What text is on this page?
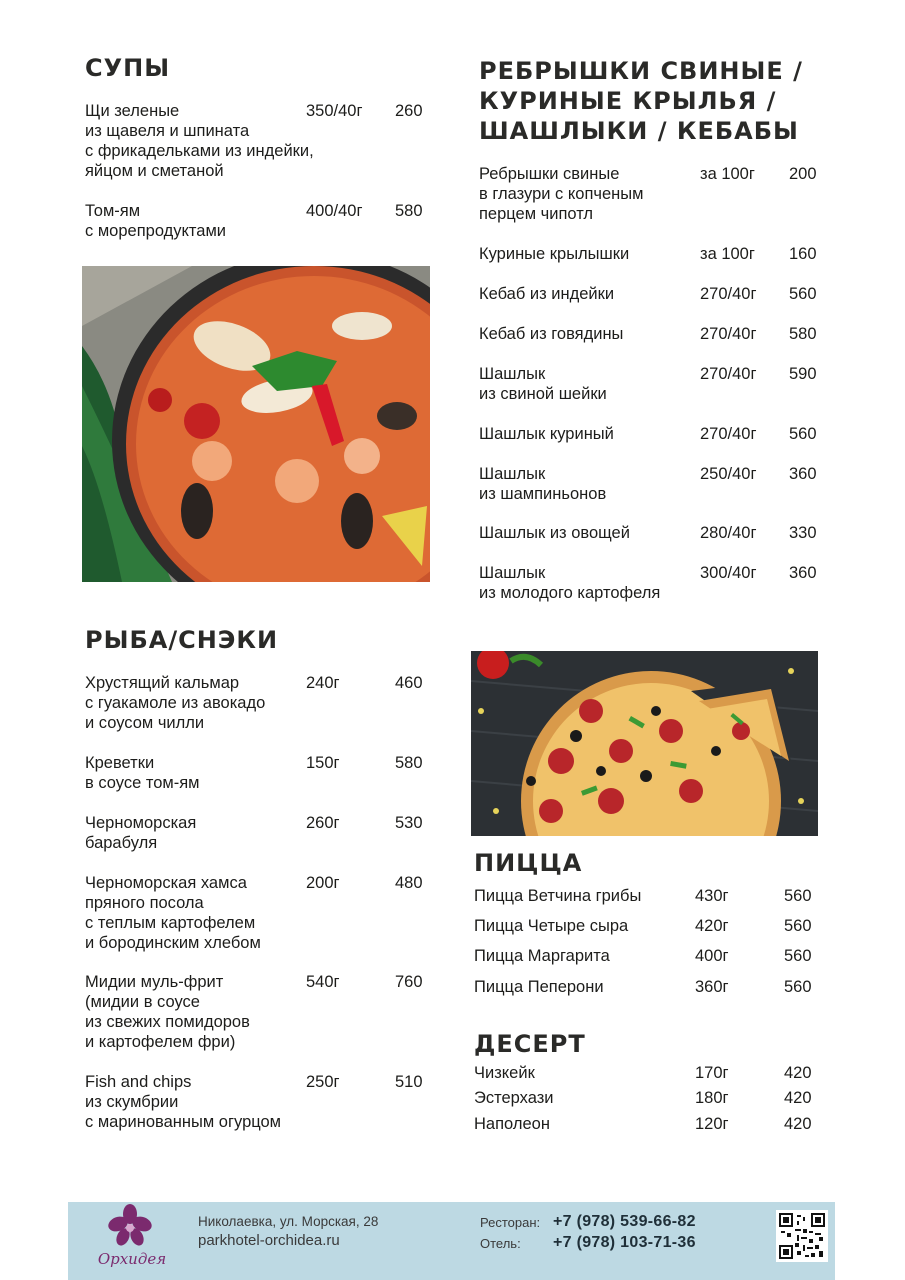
СУПЫ
Щи зеленые
из щавеля и шпината
с фрикадельками из индейки,
яйцом и сметаной
350/40г 260
Том-ям
с морепродуктами
400/40г 580
РЫБА/СНЭКИ
Хрустящий кальмар
с гуакамоле из авокадо
и соусом чилли
240г	460
Креветки
в соусе том-ям
150г	580
Черноморская
барабуля
260г	530
Черноморская хамса
пряного посола
с теплым картофелем
и бородинским хлебом
200г	480
Мидии муль-фрит
(мидии в соусе
из свежих помидоров
и картофелем фри)
540г	760
Fish and chips
из скумбрии
с маринованным огурцом
250г	510
РЕБРЫШКИ СВИНЫЕ /
КУРИНЫЕ КРЫЛЬЯ /
ШАШЛЫКИ / КЕБАБЫ
Ребрышки свиные
в глазури с копченым
перцем чипотл
за 100г 200
Куриные крылышки	за 100г 160
Кебаб из индейки	270/40г 560
Кебаб из говядины	270/40г 580
Шашлык
из свиной шейки
270/40г 590
Шашлык куриный	270/40г 560
Шашлык
из шампиньонов
250/40г 360
Шашлык из овощей	280/40г 330
Шашлык
из молодого картофеля
300/40г 360
ПИЦЦА
Пицца Ветчина грибы	430г	560
Пицца Четыре сыра	420г	560
Пицца Маргарита	400г	560
Пицца Пеперони	360г	560
ДЕСЕРТ
Чизкейк	170г	420
Эстерхази	180г	420
Наполеон	120г	420
Орхидея
Николаевка, ул. Морская, 28
parkhotel-orchidea.ru
Ресторан: +7 (978) 539-66-82
Отель: +7 (978) 103-71-36
